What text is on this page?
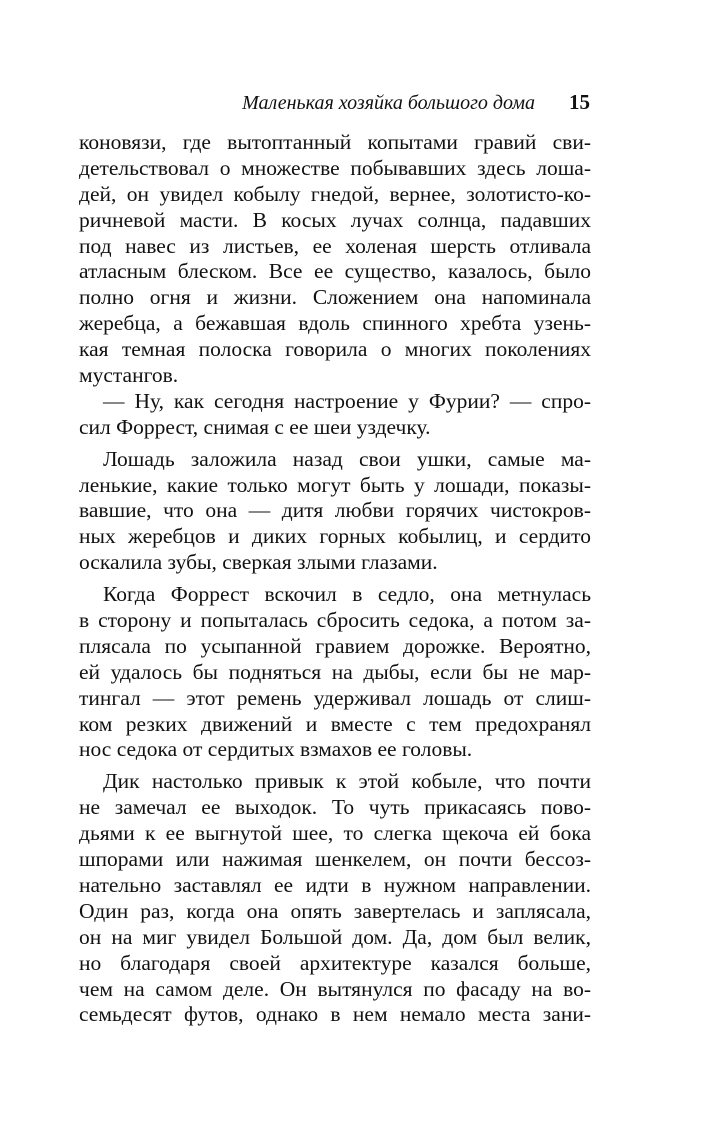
Маленькая хозяйка большого дома 15
коновязи, где вытоптанный копытами гравий сви-
детельствовал о множестве побывавших здесь лоша-
дей, он увидел кобылу гнедой, вернее, золотисто-ко-
ричневой масти. В косых лучах солнца, падавших
под навес из листьев, ее холеная шерсть отливала
атласным блеском. Все ее существо, казалось, было
полно огня и жизни. Сложением она напоминала
жеребца, а бежавшая вдоль спинного хребта узень-
кая темная полоска говорила о многих поколениях
мустангов.
— Ну, как сегодня настроение у Фурии? — спро-
сил Форрест, снимая с ее шеи уздечку.
Лошадь заложила назад свои ушки, самые ма-
ленькие, какие только могут быть у лошади, показы-
вавшие, что она — дитя любви горячих чистокров-
ных жеребцов и диких горных кобылиц, и сердито
оскалила зубы, сверкая злыми глазами.
Когда Форрест вскочил в седло, она метнулась
в сторону и попыталась сбросить седока, а потом за-
плясала по усыпанной гравием дорожке. Вероятно,
ей удалось бы подняться на дыбы, если бы не мар-
тингал — этот ремень удерживал лошадь от слиш-
ком резких движений и вместе с тем предохранял
нос седока от сердитых взмахов ее головы.
Дик настолько привык к этой кобыле, что почти
не замечал ее выходок. То чуть прикасаясь пово-
дьями к ее выгнутой шее, то слегка щекоча ей бока
шпорами или нажимая шенкелем, он почти бессоз-
нательно заставлял ее идти в нужном направлении.
Один раз, когда она опять завертелась и заплясала,
он на миг увидел Большой дом. Да, дом был велик,
но благодаря своей архитектуре казался больше,
чем на самом деле. Он вытянулся по фасаду на во-
семьдесят футов, однако в нем немало места зани-
